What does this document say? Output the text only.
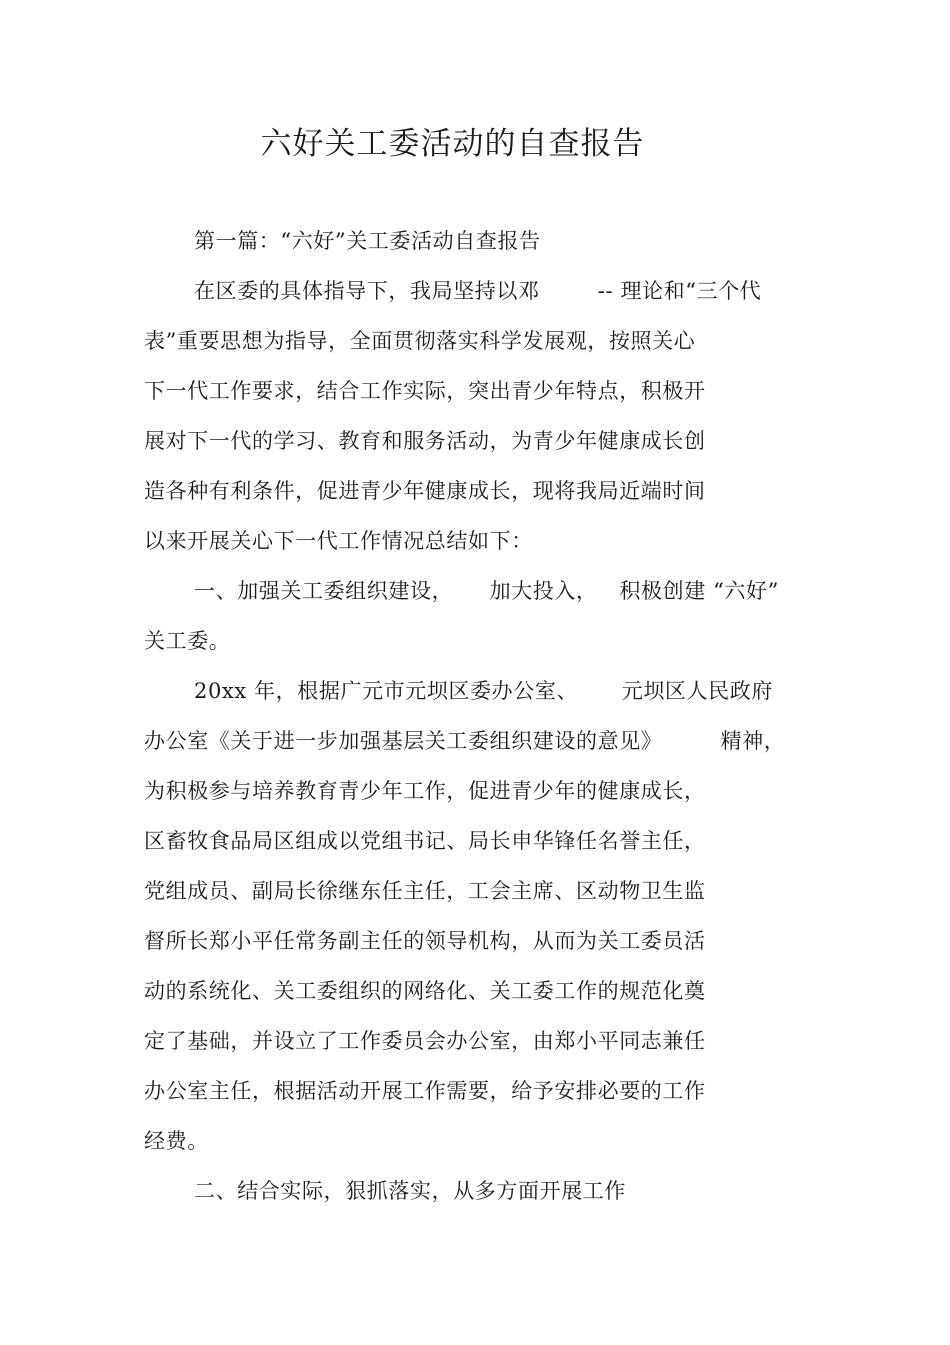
六好关工委活动的自查报告
第一篇：“六好”关工委活动自查报告
在区委的具体指导下，我局坚持以邓        -- 理论和“三个代
表”重要思想为指导，全面贯彻落实科学发展观，按照关心
下一代工作要求，结合工作实际，突出青少年特点，积极开
展对下一代的学习、教育和服务活动，为青少年健康成长创
造各种有利条件，促进青少年健康成长，现将我局近端时间
以来开展关心下一代工作情况总结如下：
一、加强关工委组织建设，     加大投入，   积极创建 “六好”
关工委。
20xx 年，根据广元市元坝区委办公室、      元坝区人民政府
办公室《关于进一步加强基层关工委组织建设的意见》        精神，
为积极参与培养教育青少年工作，促进青少年的健康成长，
区畜牧食品局区组成以党组书记、局长申华锋任名誉主任，
党组成员、副局长徐继东任主任，工会主席、区动物卫生监
督所长郑小平任常务副主任的领导机构，从而为关工委员活
动的系统化、关工委组织的网络化、关工委工作的规范化奠
定了基础，并设立了工作委员会办公室，由郑小平同志兼任
办公室主任，根据活动开展工作需要，给予安排必要的工作
经费。
二、结合实际，狠抓落实，从多方面开展工作
